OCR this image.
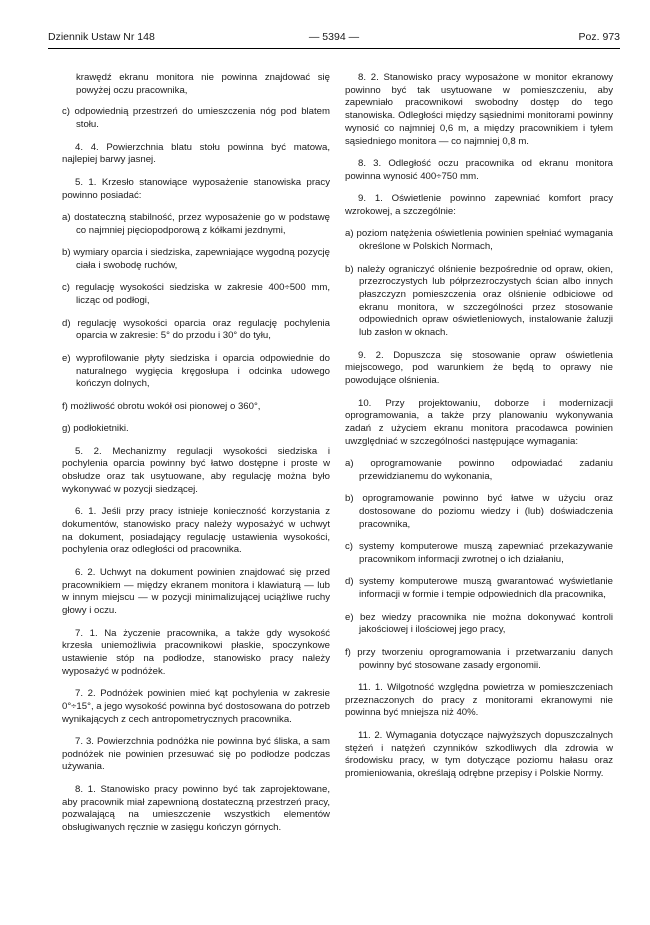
Dziennik Ustaw Nr 148	— 5394 —	Poz. 973

krawędź ekranu monitora nie powinna znajdować się powyżej oczu pracownika,

c) odpowiednią przestrzeń do umieszczenia nóg pod blatem stołu.

4. 4. Powierzchnia blatu stołu powinna być matowa, najlepiej barwy jasnej.

5. 1. Krzesło stanowiące wyposażenie stanowiska pracy powinno posiadać:

a) dostateczną stabilność, przez wyposażenie go w podstawę co najmniej pięciopodporową z kółkami jezdnymi,

b) wymiary oparcia i siedziska, zapewniające wygodną pozycję ciała i swobodę ruchów,

c) regulację wysokości siedziska w zakresie 400÷500 mm, licząc od podłogi,

d) regulację wysokości oparcia oraz regulację pochylenia oparcia w zakresie: 5° do przodu i 30° do tyłu,

e) wyprofilowanie płyty siedziska i oparcia odpowiednie do naturalnego wygięcia kręgosłupa i odcinka udowego kończyn dolnych,

f) możliwość obrotu wokół osi pionowej o 360°,

g) podłokietniki.

5. 2. Mechanizmy regulacji wysokości siedziska i pochylenia oparcia powinny być łatwo dostępne i proste w obsłudze oraz tak usytuowane, aby regulację można było wykonywać w pozycji siedzącej.

6. 1. Jeśli przy pracy istnieje konieczność korzystania z dokumentów, stanowisko pracy należy wyposażyć w uchwyt na dokument, posiadający regulację ustawienia wysokości, pochylenia oraz odległości od pracownika.

6. 2. Uchwyt na dokument powinien znajdować się przed pracownikiem — między ekranem monitora i klawiaturą — lub w innym miejscu — w pozycji minimalizującej uciążliwe ruchy głowy i oczu.

7. 1. Na życzenie pracownika, a także gdy wysokość krzesła uniemożliwia pracownikowi płaskie, spoczynkowe ustawienie stóp na podłodze, stanowisko pracy należy wyposażyć w podnóżek.

7. 2. Podnóżek powinien mieć kąt pochylenia w zakresie 0°÷15°, a jego wysokość powinna być dostosowana do potrzeb wynikających z cech antropometrycznych pracownika.

7. 3. Powierzchnia podnóżka nie powinna być śliska, a sam podnóżek nie powinien przesuwać się po podłodze podczas używania.

8. 1. Stanowisko pracy powinno być tak zaprojektowane, aby pracownik miał zapewnioną dostateczną przestrzeń pracy, pozwalającą na umieszczenie wszystkich elementów obsługiwanych ręcznie w zasięgu kończyn górnych.

8. 2. Stanowisko pracy wyposażone w monitor ekranowy powinno być tak usytuowane w pomieszczeniu, aby zapewniało pracownikowi swobodny dostęp do tego stanowiska. Odległości między sąsiednimi monitorami powinny wynosić co najmniej 0,6 m, a między pracownikiem i tyłem sąsiedniego monitora — co najmniej 0,8 m.

8. 3. Odległość oczu pracownika od ekranu monitora powinna wynosić 400÷750 mm.

9. 1. Oświetlenie powinno zapewniać komfort pracy wzrokowej, a szczególnie:

a) poziom natężenia oświetlenia powinien spełniać wymagania określone w Polskich Normach,

b) należy ograniczyć olśnienie bezpośrednie od opraw, okien, przezroczystych lub półprzezroczystych ścian albo innych płaszczyzn pomieszczenia oraz olśnienie odbiciowe od ekranu monitora, w szczególności przez stosowanie odpowiednich opraw oświetleniowych, instalowanie żaluzji lub zasłon w oknach.

9. 2. Dopuszcza się stosowanie opraw oświetlenia miejscowego, pod warunkiem że będą to oprawy nie powodujące olśnienia.

10. Przy projektowaniu, doborze i modernizacji oprogramowania, a także przy planowaniu wykonywania zadań z użyciem ekranu monitora pracodawca powinien uwzględniać w szczególności następujące wymagania:

a) oprogramowanie powinno odpowiadać zadaniu przewidzianemu do wykonania,

b) oprogramowanie powinno być łatwe w użyciu oraz dostosowane do poziomu wiedzy i (lub) doświadczenia pracownika,

c) systemy komputerowe muszą zapewniać przekazywanie pracownikom informacji zwrotnej o ich działaniu,

d) systemy komputerowe muszą gwarantować wyświetlanie informacji w formie i tempie odpowiednich dla pracownika,

e) bez wiedzy pracownika nie można dokonywać kontroli jakościowej i ilościowej jego pracy,

f) przy tworzeniu oprogramowania i przetwarzaniu danych powinny być stosowane zasady ergonomii.

11. 1. Wilgotność względna powietrza w pomieszczeniach przeznaczonych do pracy z monitorami ekranowymi nie powinna być mniejsza niż 40%.

11. 2. Wymagania dotyczące najwyższych dopuszczalnych stężeń i natężeń czynników szkodliwych dla zdrowia w środowisku pracy, w tym dotyczące poziomu hałasu oraz promieniowania, określają odrębne przepisy i Polskie Normy.
